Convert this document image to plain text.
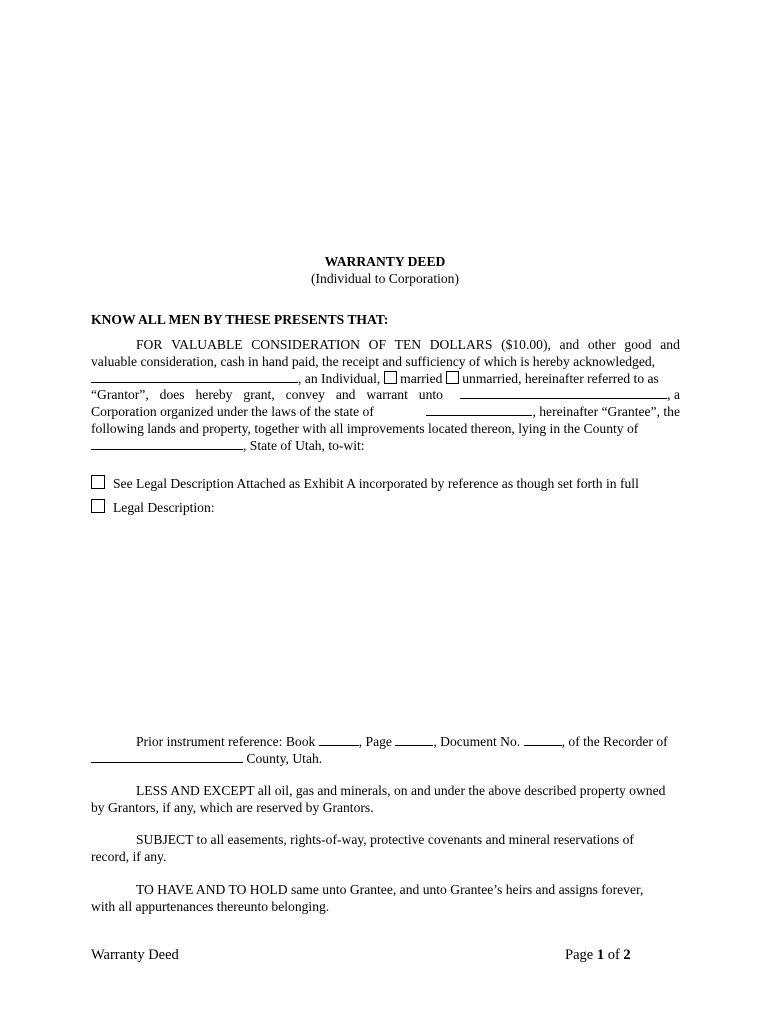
WARRANTY DEED
(Individual to Corporation)
KNOW ALL MEN BY THESE PRESENTS THAT:
FOR VALUABLE CONSIDERATION OF TEN DOLLARS ($10.00), and other good and
valuable consideration, cash in hand paid, the receipt and sufficiency of which is hereby acknowledged,
, an Individual, married unmarried, hereinafter referred to as
“Grantor”, does hereby grant, convey and warrant unto	, a
Corporation organized under the laws of the state of	, hereinafter “Grantee”, the
following lands and property, together with all improvements located thereon, lying in the County of
, State of Utah, to-wit:
See Legal Description Attached as Exhibit A incorporated by reference as though set forth in full
Legal Description:
Prior instrument reference: Book	, Page	, Document No.	, of the Recorder of
County, Utah.
LESS AND EXCEPT all oil, gas and minerals, on and under the above described property owned
by Grantors, if any, which are reserved by Grantors.
SUBJECT to all easements, rights-of-way, protective covenants and mineral reservations of
record, if any.
TO HAVE AND TO HOLD same unto Grantee, and unto Grantee’s heirs and assigns forever,
with all appurtenances thereunto belonging.
Warranty Deed	Page 1 of 2
